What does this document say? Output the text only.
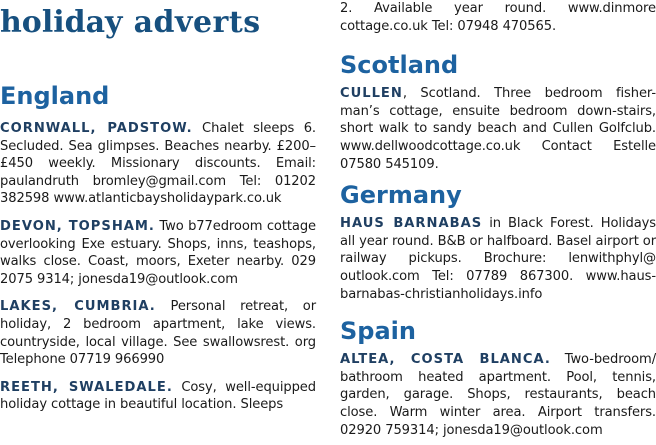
holiday adverts
England

CORNWALL, PADSTOW. Chalet sleeps 6. Secluded. Sea glimpses. Beaches nearby. £200–£450 weekly. Missionary discounts. Email: paulandruth bromley@gmail.com Tel: 01202 382598 www.atlanticbaysholidaypark.co.uk

DEVON, TOPSHAM. Two b77edroom cottage overlooking Exe estuary. Shops, inns, teashops, walks close. Coast, moors, Exeter nearby. 029 2075 9314; jonesda19@outlook.com

LAKES, CUMBRIA. Personal retreat, or holiday, 2 bedroom apartment, lake views. countryside, local village. See swallowsrest. org Telephone 07719 966990

REETH, SWALEDALE. Cosy, well-equipped holiday cottage in beautiful location. Sleeps

2. Available year round. www.dinmore cottage.co.uk Tel: 07948 470565.

Scotland

CULLEN, Scotland. Three bedroom fisher-man’s cottage, ensuite bedroom down-stairs, short walk to sandy beach and Cullen Golfclub. www.dellwoodcottage.co.uk Contact Estelle 07580 545109.

Germany

HAUS BARNABAS in Black Forest. Holidays all year round. B&B or halfboard. Basel airport or railway pickups. Brochure: lenwithphyl@ outlook.com Tel: 07789 867300. www.haus-barnabas-christianholidays.info

Spain

ALTEA, COSTA BLANCA. Two-bedroom/ bathroom heated apartment. Pool, tennis, garden, garage. Shops, restaurants, beach close. Warm winter area. Airport transfers. 02920 759314; jonesda19@outlook.com
